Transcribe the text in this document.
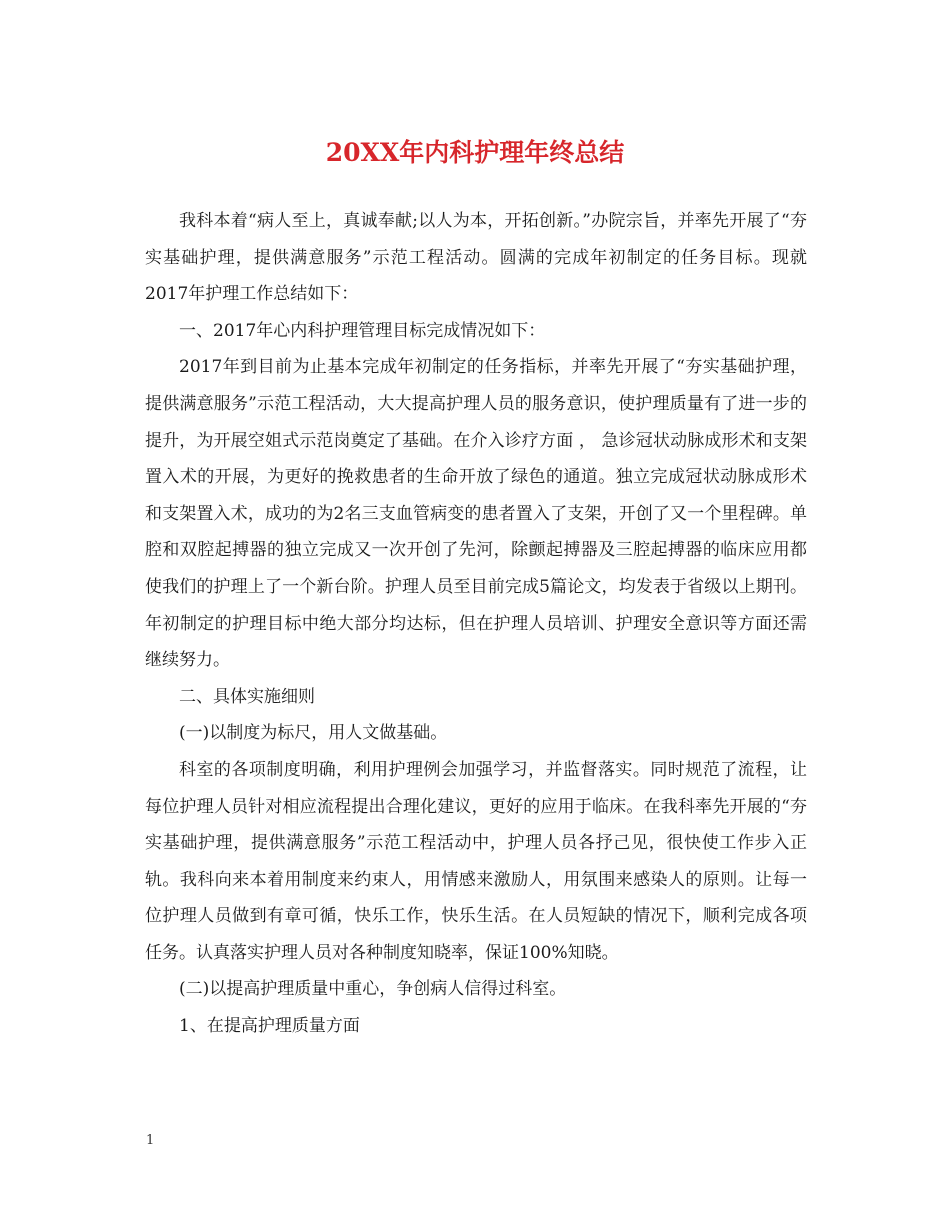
20XX年内科护理年终总结

我科本着“病人至上，真诚奉献;以人为本，开拓创新。”办院宗旨，并率先开展了“夯实基础护理，提供满意服务”示范工程活动。圆满的完成年初制定的任务目标。现就2017年护理工作总结如下：

一、2017年心内科护理管理目标完成情况如下：

2017年到目前为止基本完成年初制定的任务指标，并率先开展了“夯实基础护理，提供满意服务”示范工程活动，大大提高护理人员的服务意识，使护理质量有了进一步的提升，为开展空姐式示范岗奠定了基础。在介入诊疗方面 ， 急诊冠状动脉成形术和支架置入术的开展，为更好的挽救患者的生命开放了绿色的通道。独立完成冠状动脉成形术和支架置入术，成功的为2名三支血管病变的患者置入了支架，开创了又一个里程碑。单腔和双腔起搏器的独立完成又一次开创了先河，除颤起搏器及三腔起搏器的临床应用都使我们的护理上了一个新台阶。护理人员至目前完成5篇论文，均发表于省级以上期刊。年初制定的护理目标中绝大部分均达标，但在护理人员培训、护理安全意识等方面还需继续努力。

二、具体实施细则

(一)以制度为标尺，用人文做基础。

科室的各项制度明确，利用护理例会加强学习，并监督落实。同时规范了流程，让每位护理人员针对相应流程提出合理化建议，更好的应用于临床。在我科率先开展的“夯实基础护理，提供满意服务”示范工程活动中，护理人员各抒己见，很快使工作步入正轨。我科向来本着用制度来约束人，用情感来激励人，用氛围来感染人的原则。让每一位护理人员做到有章可循，快乐工作，快乐生活。在人员短缺的情况下，顺利完成各项任务。认真落实护理人员对各种制度知晓率，保证100%知晓。

(二)以提高护理质量中重心，争创病人信得过科室。

1、在提高护理质量方面

1
